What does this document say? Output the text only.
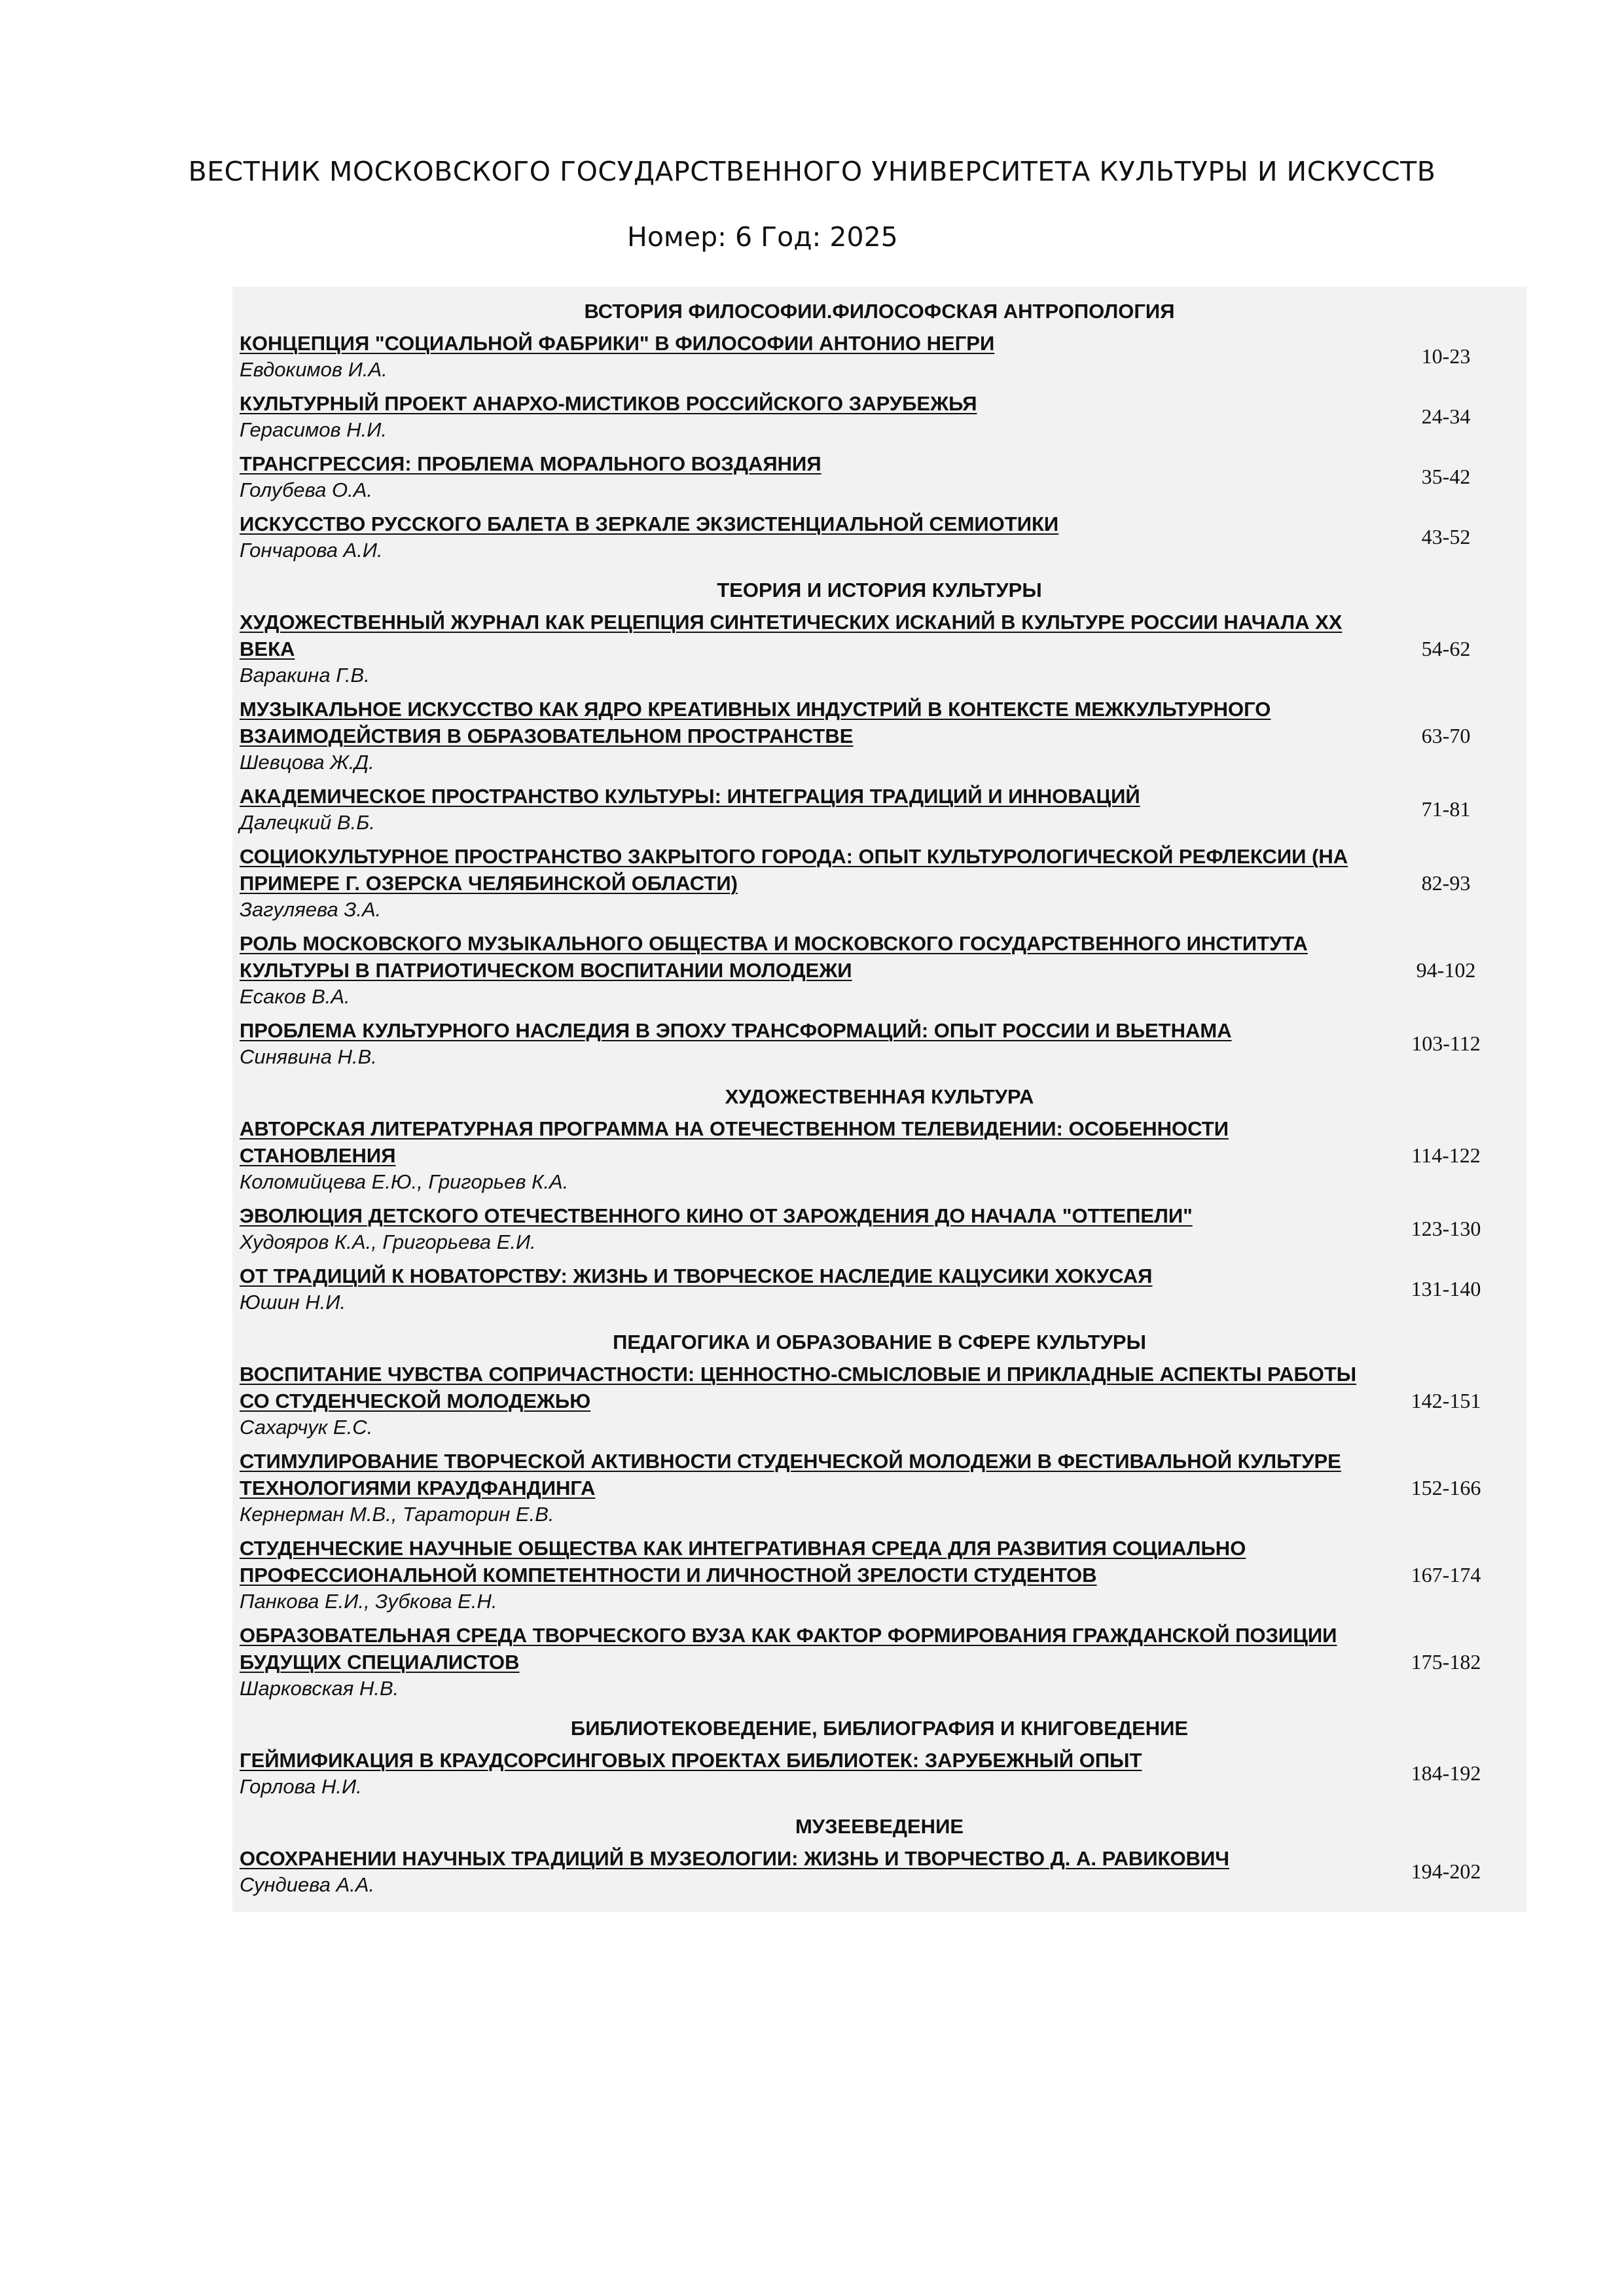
ВЕСТНИК МОСКОВСКОГО ГОСУДАРСТВЕННОГО УНИВЕРСИТЕТА КУЛЬТУРЫ И ИСКУССТВ
Номер: 6 Год: 2025
ВСТОРИЯ ФИЛОСОФИИ.ФИЛОСОФСКАЯ АНТРОПОЛОГИЯ
КОНЦЕПЦИЯ "СОЦИАЛЬНОЙ ФАБРИКИ" В ФИЛОСОФИИ АНТОНИО НЕГРИ
Евдокимов И.А.
10-23
КУЛЬТУРНЫЙ ПРОЕКТ АНАРХО-МИСТИКОВ РОССИЙСКОГО ЗАРУБЕЖЬЯ
Герасимов Н.И.
24-34
ТРАНСГРЕССИЯ: ПРОБЛЕМА МОРАЛЬНОГО ВОЗДАЯНИЯ
Голубева О.А.
35-42
ИСКУССТВО РУССКОГО БАЛЕТА В ЗЕРКАЛЕ ЭКЗИСТЕНЦИАЛЬНОЙ СЕМИОТИКИ
Гончарова А.И.
43-52
ТЕОРИЯ И ИСТОРИЯ КУЛЬТУРЫ
ХУДОЖЕСТВЕННЫЙ ЖУРНАЛ КАК РЕЦЕПЦИЯ СИНТЕТИЧЕСКИХ ИСКАНИЙ В КУЛЬТУРЕ РОССИИ НАЧАЛА XX ВЕКА
Варакина Г.В.
54-62
МУЗЫКАЛЬНОЕ ИСКУССТВО КАК ЯДРО КРЕАТИВНЫХ ИНДУСТРИЙ В КОНТЕКСТЕ МЕЖКУЛЬТУРНОГО ВЗАИМОДЕЙСТВИЯ В ОБРАЗОВАТЕЛЬНОМ ПРОСТРАНСТВЕ
Шевцова Ж.Д.
63-70
АКАДЕМИЧЕСКОЕ ПРОСТРАНСТВО КУЛЬТУРЫ: ИНТЕГРАЦИЯ ТРАДИЦИЙ И ИННОВАЦИЙ
Далецкий В.Б.
71-81
СОЦИОКУЛЬТУРНОЕ ПРОСТРАНСТВО ЗАКРЫТОГО ГОРОДА: ОПЫТ КУЛЬТУРОЛОГИЧЕСКОЙ РЕФЛЕКСИИ (НА ПРИМЕРЕ Г. ОЗЕРСКА ЧЕЛЯБИНСКОЙ ОБЛАСТИ)
Загуляева З.А.
82-93
РОЛЬ МОСКОВСКОГО МУЗЫКАЛЬНОГО ОБЩЕСТВА И МОСКОВСКОГО ГОСУДАРСТВЕННОГО ИНСТИТУТА КУЛЬТУРЫ В ПАТРИОТИЧЕСКОМ ВОСПИТАНИИ МОЛОДЕЖИ
Есаков В.А.
94-102
ПРОБЛЕМА КУЛЬТУРНОГО НАСЛЕДИЯ В ЭПОХУ ТРАНСФОРМАЦИЙ: ОПЫТ РОССИИ И ВЬЕТНАМА
Синявина Н.В.
103-112
ХУДОЖЕСТВЕННАЯ КУЛЬТУРА
АВТОРСКАЯ ЛИТЕРАТУРНАЯ ПРОГРАММА НА ОТЕЧЕСТВЕННОМ ТЕЛЕВИДЕНИИ: ОСОБЕННОСТИ СТАНОВЛЕНИЯ
Коломийцева Е.Ю., Григорьев К.А.
114-122
ЭВОЛЮЦИЯ ДЕТСКОГО ОТЕЧЕСТВЕННОГО КИНО ОТ ЗАРОЖДЕНИЯ ДО НАЧАЛА "ОТТЕПЕЛИ"
Худояров К.А., Григорьева Е.И.
123-130
ОТ ТРАДИЦИЙ К НОВАТОРСТВУ: ЖИЗНЬ И ТВОРЧЕСКОЕ НАСЛЕДИЕ КАЦУСИКИ ХОКУСАЯ
Юшин Н.И.
131-140
ПЕДАГОГИКА И ОБРАЗОВАНИЕ В СФЕРЕ КУЛЬТУРЫ
ВОСПИТАНИЕ ЧУВСТВА СОПРИЧАСТНОСТИ: ЦЕННОСТНО-СМЫСЛОВЫЕ И ПРИКЛАДНЫЕ АСПЕКТЫ РАБОТЫ СО СТУДЕНЧЕСКОЙ МОЛОДЕЖЬЮ
Сахарчук Е.С.
142-151
СТИМУЛИРОВАНИЕ ТВОРЧЕСКОЙ АКТИВНОСТИ СТУДЕНЧЕСКОЙ МОЛОДЕЖИ В ФЕСТИВАЛЬНОЙ КУЛЬТУРЕ ТЕХНОЛОГИЯМИ КРАУДФАНДИНГА
Кернерман М.В., Тараторин Е.В.
152-166
СТУДЕНЧЕСКИЕ НАУЧНЫЕ ОБЩЕСТВА КАК ИНТЕГРАТИВНАЯ СРЕДА ДЛЯ РАЗВИТИЯ СОЦИАЛЬНО ПРОФЕССИОНАЛЬНОЙ КОМПЕТЕНТНОСТИ И ЛИЧНОСТНОЙ ЗРЕЛОСТИ СТУДЕНТОВ
Панкова Е.И., Зубкова Е.Н.
167-174
ОБРАЗОВАТЕЛЬНАЯ СРЕДА ТВОРЧЕСКОГО ВУЗА КАК ФАКТОР ФОРМИРОВАНИЯ ГРАЖДАНСКОЙ ПОЗИЦИИ БУДУЩИХ СПЕЦИАЛИСТОВ
Шарковская Н.В.
175-182
БИБЛИОТЕКОВЕДЕНИЕ, БИБЛИОГРАФИЯ И КНИГОВЕДЕНИЕ
ГЕЙМИФИКАЦИЯ В КРАУДСОРСИНГОВЫХ ПРОЕКТАХ БИБЛИОТЕК: ЗАРУБЕЖНЫЙ ОПЫТ
Горлова Н.И.
184-192
МУЗЕЕВЕДЕНИЕ
ОСОХРАНЕНИИ НАУЧНЫХ ТРАДИЦИЙ В МУЗЕОЛОГИИ: ЖИЗНЬ И ТВОРЧЕСТВО Д. А. РАВИКОВИЧ
Сундиева А.А.
194-202
